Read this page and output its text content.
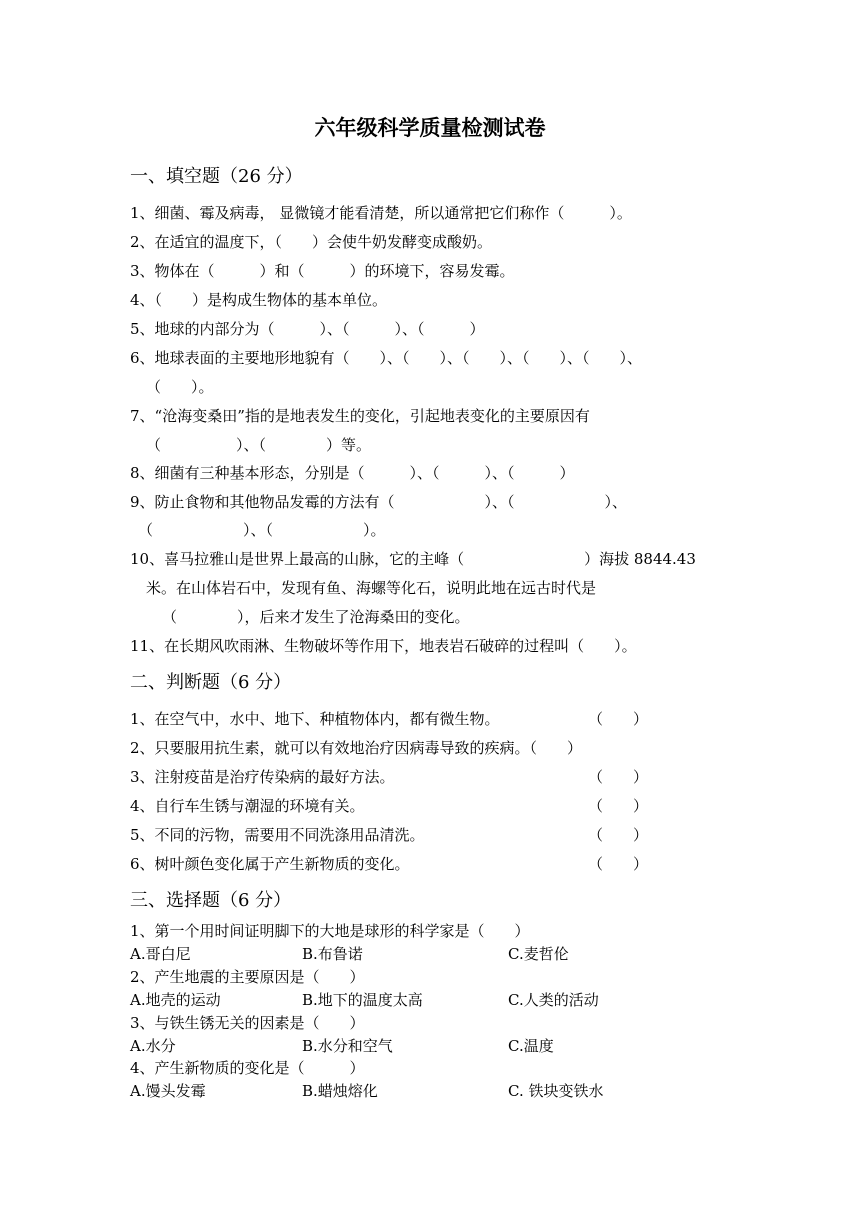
六年级科学质量检测试卷
一、填空题（26 分）
1、细菌、霉及病毒， 显微镜才能看清楚，所以通常把它们称作（　　　）。
2、在适宜的温度下，（　　）会使牛奶发酵变成酸奶。
3、物体在（　　　）和（　　　）的环境下，容易发霉。
4、（　　）是构成生物体的基本单位。
5、地球的内部分为（　　　）、（　　　）、（　　　）
6、地球表面的主要地形地貌有（　　）、（　　）、（　　）、（　　）、（　　）、
（　　）。
7、“沧海变桑田”指的是地表发生的变化，引起地表变化的主要原因有
（　　　　　）、（　　　　）等。
8、细菌有三种基本形态，分别是（　　　）、（　　　）、（　　　）
9、防止食物和其他物品发霉的方法有（　　　　　　）、（　　　　　　）、
（　　　　　　）、（　　　　　　）。
10、喜马拉雅山是世界上最高的山脉，它的主峰（　　　　　　　　）海拔 8844.43
米。在山体岩石中，发现有鱼、海螺等化石，说明此地在远古时代是
（　　　　），后来才发生了沧海桑田的变化。
11、在长期风吹雨淋、生物破坏等作用下，地表岩石破碎的过程叫（　　）。
二、判断题（6 分）
1、在空气中，水中、地下、种植物体内，都有微生物。	（　　）
2、只要服用抗生素，就可以有效地治疗因病毒导致的疾病。（　　）
3、注射疫苗是治疗传染病的最好方法。	（　　）
4、自行车生锈与潮湿的环境有关。	（　　）
5、不同的污物，需要用不同洗涤用品清洗。	（　　）
6、树叶颜色变化属于产生新物质的变化。	（　　）
三、选择题（6 分）
1、第一个用时间证明脚下的大地是球形的科学家是（　　）
A.哥白尼	B.布鲁诺	C.麦哲伦
2、产生地震的主要原因是（　　）
A.地壳的运动	B.地下的温度太高	C.人类的活动
3、与铁生锈无关的因素是（　　）
A.水分	B.水分和空气	C.温度
4、产生新物质的变化是（　　　）
A.馒头发霉	B.蜡烛熔化	C. 铁块变铁水
